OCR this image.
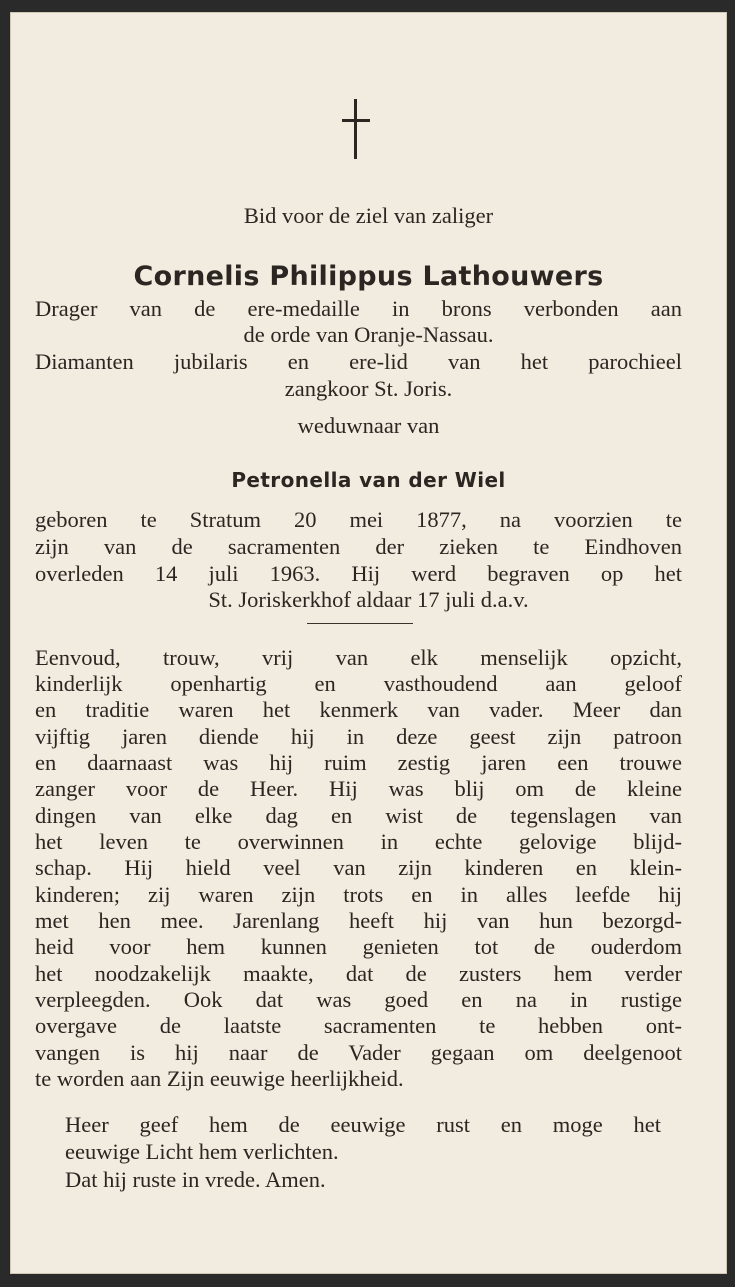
Bid voor de ziel van zaliger
Cornelis Philippus Lathouwers
Drager van de ere-medaille in brons verbonden aan
de orde van Oranje-Nassau.
Diamanten jubilaris en ere-lid van het parochieel
zangkoor St. Joris.
weduwnaar van
Petronella van der Wiel
geboren te Stratum 20 mei 1877, na voorzien te
zijn van de sacramenten der zieken te Eindhoven
overleden 14 juli 1963. Hij werd begraven op het
St. Joriskerkhof aldaar 17 juli d.a.v.
Eenvoud, trouw, vrij van elk menselijk opzicht,
kinderlijk openhartig en vasthoudend aan geloof
en traditie waren het kenmerk van vader. Meer dan
vijftig jaren diende hij in deze geest zijn patroon
en daarnaast was hij ruim zestig jaren een trouwe
zanger voor de Heer. Hij was blij om de kleine
dingen van elke dag en wist de tegenslagen van
het leven te overwinnen in echte gelovige blijd-
schap. Hij hield veel van zijn kinderen en klein-
kinderen; zij waren zijn trots en in alles leefde hij
met hen mee. Jarenlang heeft hij van hun bezorgd-
heid voor hem kunnen genieten tot de ouderdom
het noodzakelijk maakte, dat de zusters hem verder
verpleegden. Ook dat was goed en na in rustige
overgave de laatste sacramenten te hebben ont-
vangen is hij naar de Vader gegaan om deelgenoot
te worden aan Zijn eeuwige heerlijkheid.
Heer geef hem de eeuwige rust en moge het
eeuwige Licht hem verlichten.
Dat hij ruste in vrede. Amen.
